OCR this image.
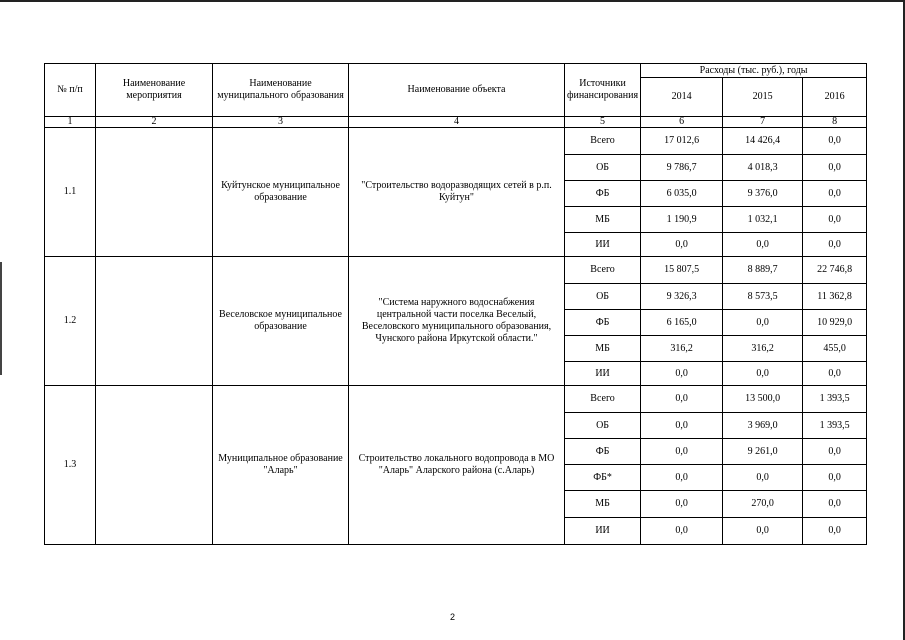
№ п/п	Наименование мероприятия	Наименование муниципального образования	Наименование объекта	Источники финансирования	Расходы (тыс. руб.), годы		
					2014	2015	2016
1	2	3	4	5	6	7	8
1.1		Куйтунское муниципальное образование	"Строительство водоразводящих сетей в р.п. Куйтун"	Всего	17 012,6	14 426,4	0,0
				ОБ	9 786,7	4 018,3	0,0
				ФБ	6 035,0	9 376,0	0,0
				МБ	1 190,9	1 032,1	0,0
				ИИ	0,0	0,0	0,0
1.2		Веселовское муниципальное образование	"Система наружного водоснабжения центральной части поселка Веселый, Веселовского муниципального образования, Чунского района Иркутской области."	Всего	15 807,5	8 889,7	22 746,8
				ОБ	9 326,3	8 573,5	11 362,8
				ФБ	6 165,0	0,0	10 929,0
				МБ	316,2	316,2	455,0
				ИИ	0,0	0,0	0,0
1.3		Муниципальное образование "Аларь"	Строительство локального водопровода в МО "Аларь" Аларского района (с.Аларь)	Всего	0,0	13 500,0	1 393,5
				ОБ	0,0	3 969,0	1 393,5
				ФБ	0,0	9 261,0	0,0
				ФБ*	0,0	0,0	0,0
				МБ	0,0	270,0	0,0
				ИИ	0,0	0,0	0,0
2
